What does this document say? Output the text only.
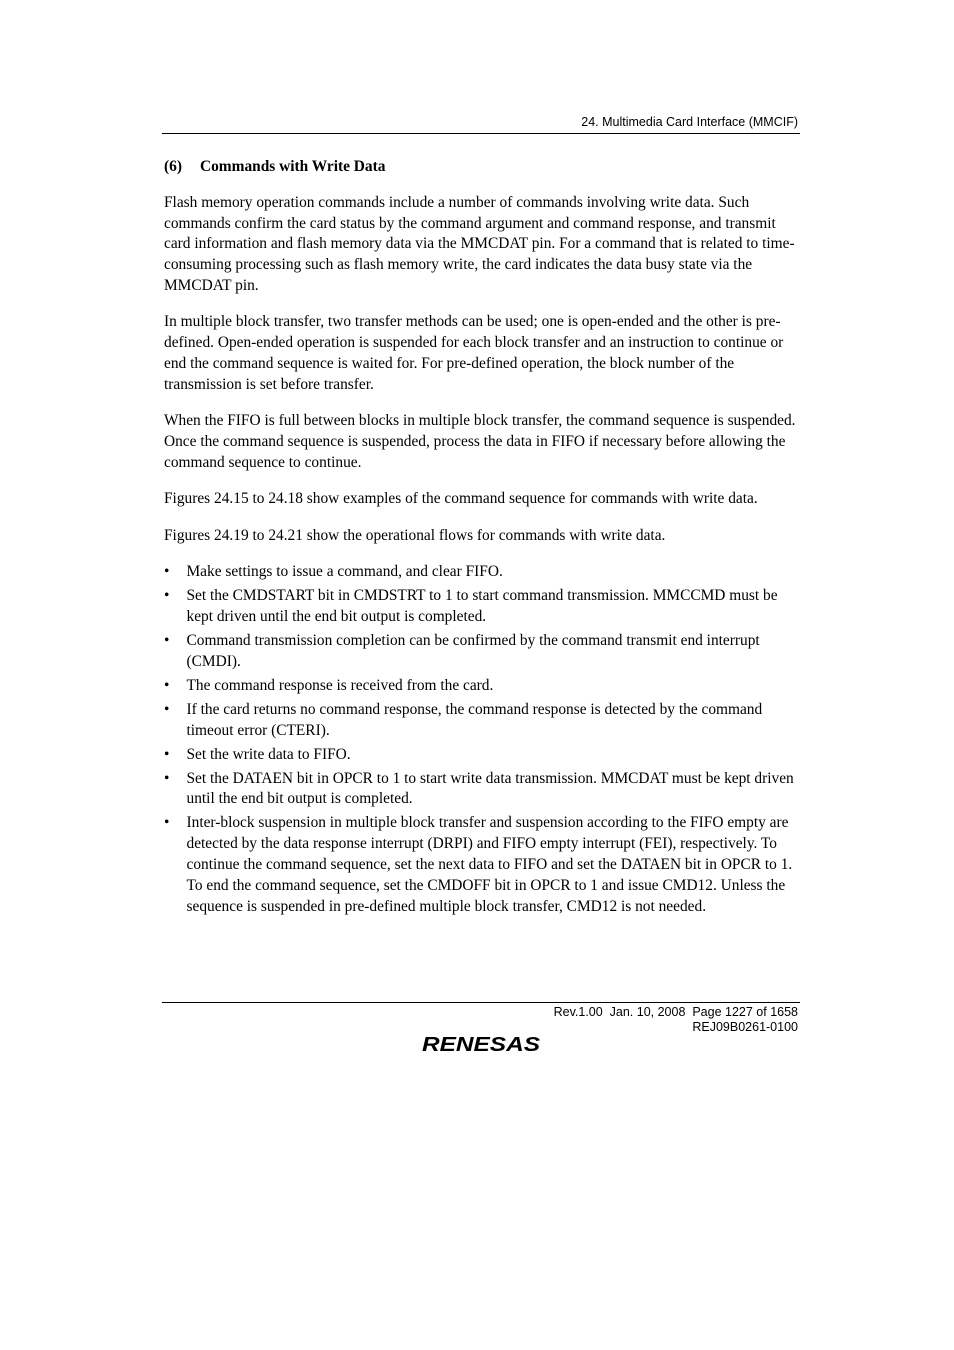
24. Multimedia Card Interface (MMCIF)
(6) Commands with Write Data

Flash memory operation commands include a number of commands involving write data. Such commands confirm the card status by the command argument and command response, and transmit card information and flash memory data via the MMCDAT pin. For a command that is related to time-consuming processing such as flash memory write, the card indicates the data busy state via the MMCDAT pin.

In multiple block transfer, two transfer methods can be used; one is open-ended and the other is pre-defined. Open-ended operation is suspended for each block transfer and an instruction to continue or end the command sequence is waited for. For pre-defined operation, the block number of the transmission is set before transfer.

When the FIFO is full between blocks in multiple block transfer, the command sequence is suspended. Once the command sequence is suspended, process the data in FIFO if necessary before allowing the command sequence to continue.

Figures 24.15 to 24.18 show examples of the command sequence for commands with write data.

Figures 24.19 to 24.21 show the operational flows for commands with write data.

• Make settings to issue a command, and clear FIFO.
• Set the CMDSTART bit in CMDSTRT to 1 to start command transmission. MMCCMD must be kept driven until the end bit output is completed.
• Command transmission completion can be confirmed by the command transmit end interrupt (CMDI).
• The command response is received from the card.
• If the card returns no command response, the command response is detected by the command timeout error (CTERI).
• Set the write data to FIFO.
• Set the DATAEN bit in OPCR to 1 to start write data transmission. MMCDAT must be kept driven until the end bit output is completed.
• Inter-block suspension in multiple block transfer and suspension according to the FIFO empty are detected by the data response interrupt (DRPI) and FIFO empty interrupt (FEI), respectively. To continue the command sequence, set the next data to FIFO and set the DATAEN bit in OPCR to 1. To end the command sequence, set the CMDOFF bit in OPCR to 1 and issue CMD12. Unless the sequence is suspended in pre-defined multiple block transfer, CMD12 is not needed.
Rev.1.00  Jan. 10, 2008  Page 1227 of 1658
REJ09B0261-0100
RENESAS
